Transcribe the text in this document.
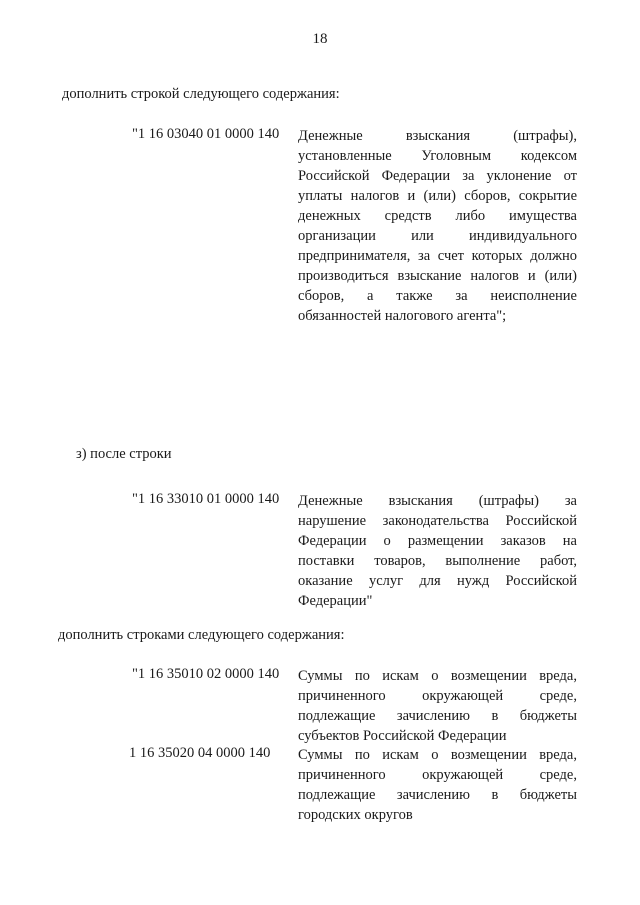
18
дополнить строкой следующего содержания:
"1 16 03040 01 0000 140 Денежные взыскания (штрафы),
установленные Уголовным кодексом
Российской Федерации за уклонение от
уплаты налогов и (или) сборов, сокрытие
денежных средств либо имущества
организации или индивидуального
предпринимателя, за счет которых должно
производиться взыскание налогов и (или)
сборов, а также за неисполнение
обязанностей налогового агента";
з) после строки
"1 16 33010 01 0000 140 Денежные взыскания (штрафы) за
нарушение законодательства Российской
Федерации о размещении заказов на
поставки товаров, выполнение работ,
оказание услуг для нужд Российской
Федерации"
дополнить строками следующего содержания:
"1 16 35010 02 0000 140 Суммы по искам о возмещении вреда,
причиненного окружающей среде,
подлежащие зачислению в бюджеты
субъектов Российской Федерации
1 16 35020 04 0000 140 Суммы по искам о возмещении вреда,
причиненного окружающей среде,
подлежащие зачислению в бюджеты
городских округов
